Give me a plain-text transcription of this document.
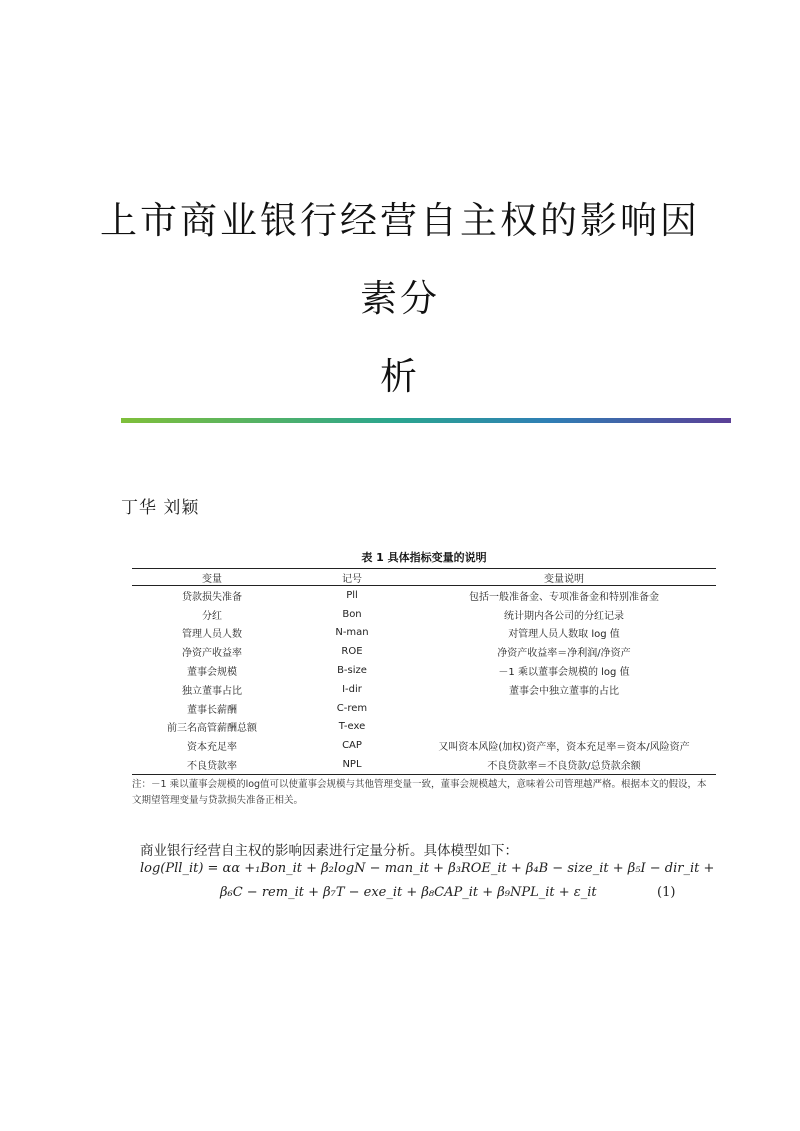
上市商业银行经营自主权的影响因素分
析
丁华 刘颖
表 1 具体指标变量的说明
变量	记号	变量说明
贷款损失准备	Pll	包括一般准备金、专项准备金和特别准备金
分红	Bon	统计期内各公司的分红记录
管理人员人数	N-man	对管理人员人数取 log 值
净资产收益率	ROE	净资产收益率＝净利润/净资产
董事会规模	B-size	－1 乘以董事会规模的 log 值
独立董事占比	I-dir	董事会中独立董事的占比
董事长薪酬	C-rem	
前三名高管薪酬总额	T-exe	
资本充足率	CAP	又叫资本风险(加权)资产率，资本充足率＝资本/风险资产
不良贷款率	NPL	不良贷款率＝不良贷款/总贷款余额
注：－1 乘以董事会规模的log值可以使董事会规模与其他管理变量一致，董事会规模越大，意味着公司管理越严格。根据本文的假设，本文期望管理变量与贷款损失准备正相关。
商业银行经营自主权的影响因素进行定量分析。具体模型如下：
log(Pll_it) = αα +₁Bon_it + β₂logN − man_it + β₃ROE_it + β₄B − size_it + β₅I − dir_it +
β₆C − rem_it + β₇T − exe_it + β₈CAP_it + β₉NPL_it + ε_it	(1)
